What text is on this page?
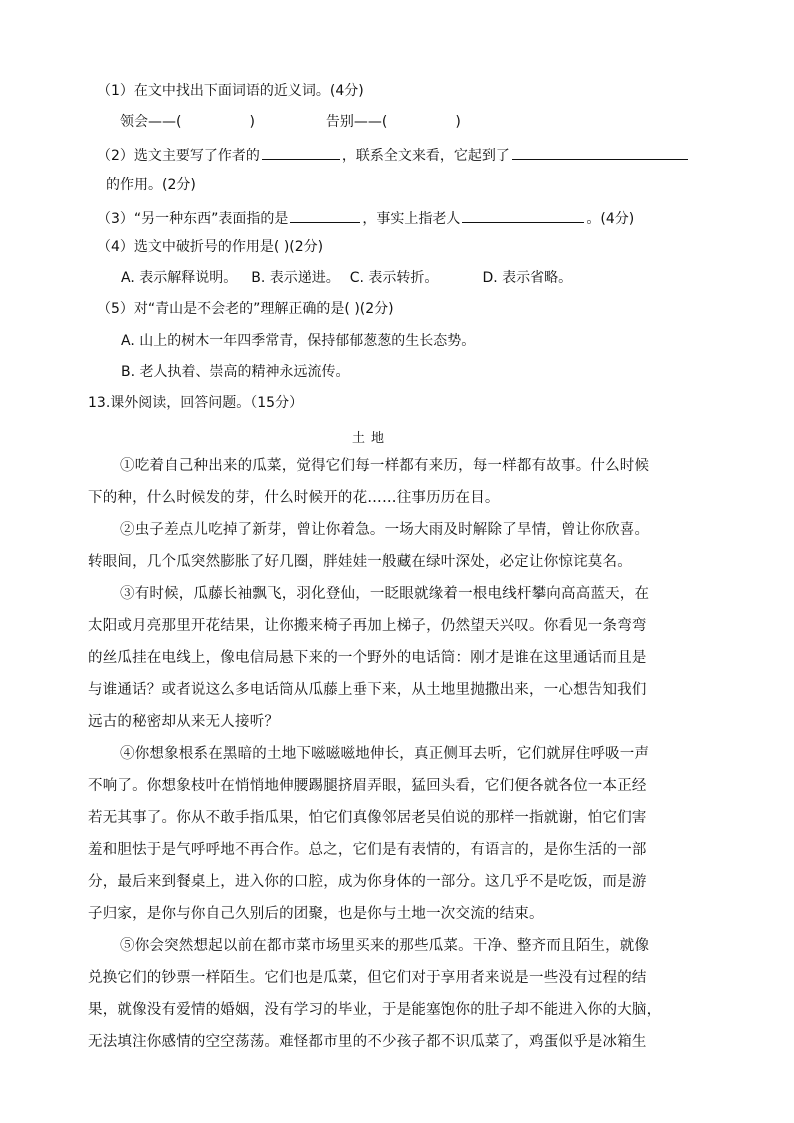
（1）在文中找出下面词语的近义词。(4分)
领会——(	)	告别——(	)
（2）选文主要写了作者的	，联系全文来看，它起到了
的作用。(2分)
（3）“另一种东西”表面指的是	，事实上指老人	。(4分)
（4）选文中破折号的作用是( )(2分)
A. 表示解释说明。 B. 表示递进。 C. 表示转折。	D. 表示省略。
（5）对“青山是不会老的”理解正确的是( )(2分)
A. 山上的树木一年四季常青，保持郁郁葱葱的生长态势。
B. 老人执着、崇高的精神永远流传。
13.课外阅读，回答问题。（15分）
土地
①吃着自己种出来的瓜菜，觉得它们每一样都有来历，每一样都有故事。什么时候
下的种，什么时候发的芽，什么时候开的花……往事历历在目。
②虫子差点儿吃掉了新芽，曾让你着急。一场大雨及时解除了旱情，曾让你欣喜。
转眼间，几个瓜突然膨胀了好几圈，胖娃娃一般藏在绿叶深处，必定让你惊诧莫名。
③有时候，瓜藤长袖飘飞，羽化登仙，一眨眼就缘着一根电线杆攀向高高蓝天，在
太阳或月亮那里开花结果，让你搬来椅子再加上梯子，仍然望天兴叹。你看见一条弯弯
的丝瓜挂在电线上，像电信局悬下来的一个野外的电话筒：刚才是谁在这里通话而且是
与谁通话？或者说这么多电话筒从瓜藤上垂下来，从土地里抛撒出来，一心想告知我们
远古的秘密却从来无人接听？
④你想象根系在黑暗的土地下嗞嗞嗞地伸长，真正侧耳去听，它们就屏住呼吸一声
不响了。你想象枝叶在悄悄地伸腰踢腿挤眉弄眼，猛回头看，它们便各就各位一本正经
若无其事了。你从不敢手指瓜果，怕它们真像邻居老吴伯说的那样一指就谢，怕它们害
羞和胆怯于是气呼呼地不再合作。总之，它们是有表情的，有语言的，是你生活的一部
分，最后来到餐桌上，进入你的口腔，成为你身体的一部分。这几乎不是吃饭，而是游
子归家，是你与你自己久别后的团聚，也是你与土地一次交流的结束。
⑤你会突然想起以前在都市菜市场里买来的那些瓜菜。干净、整齐而且陌生，就像
兑换它们的钞票一样陌生。它们也是瓜菜，但它们对于享用者来说是一些没有过程的结
果，就像没有爱情的婚姻，没有学习的毕业，于是能塞饱你的肚子却不能进入你的大脑，
无法填注你感情的空空荡荡。难怪都市里的不少孩子都不识瓜菜了，鸡蛋似乎是冰箱生
